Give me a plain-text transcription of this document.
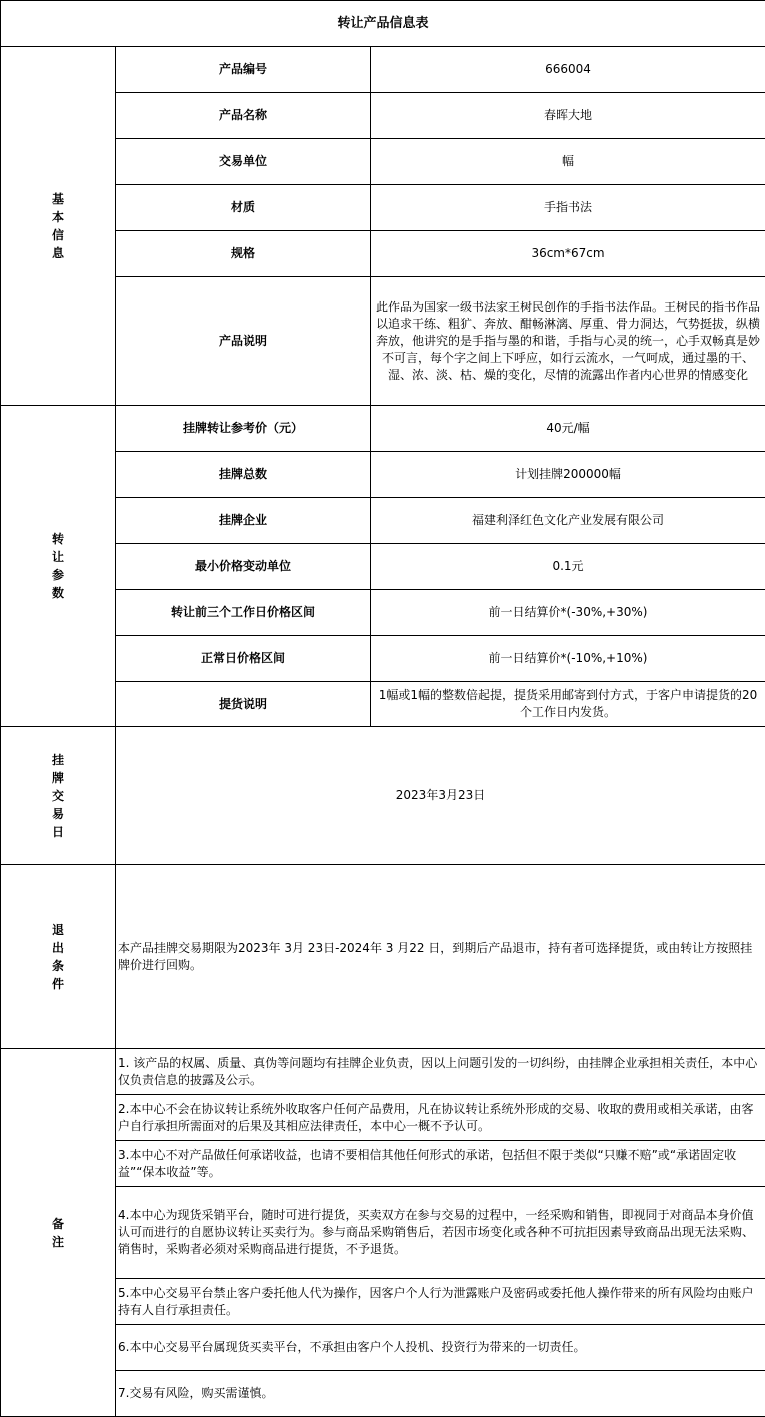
转让产品信息表		
基本信息	产品编号	666004
	产品名称	春晖大地
	交易单位	幅
	材质	手指书法
	规格	36cm*67cm
	产品说明	此作品为国家一级书法家王树民创作的手指书法作品。王树民的指书作品以追求干练、粗犷、奔放、酣畅淋漓、厚重、骨力洞达，气势挺拔，纵横奔放，他讲究的是手指与墨的和谐，手指与心灵的统一，心手双畅真是妙不可言，每个字之间上下呼应，如行云流水，一气呵成，通过墨的干、湿、浓、淡、枯、燥的变化，尽情的流露出作者内心世界的情感变化
转让参数	挂牌转让参考价（元）	40元/幅
	挂牌总数	计划挂牌200000幅
	挂牌企业	福建利泽红色文化产业发展有限公司
	最小价格变动单位	0.1元
	转让前三个工作日价格区间	前一日结算价*(-30%,+30%)
	正常日价格区间	前一日结算价*(-10%,+10%)
	提货说明	1幅或1幅的整数倍起提，提货采用邮寄到付方式，于客户申请提货的20个工作日内发货。
挂牌交易日	2023年3月23日	
退出条件	本产品挂牌交易期限为2023年 3月 23日-2024年 3 月22 日，到期后产品退市，持有者可选择提货，或由转让方按照挂牌价进行回购。	
备注	1. 该产品的权属、质量、真伪等问题均有挂牌企业负责，因以上问题引发的一切纠纷，由挂牌企业承担相关责任，本中心仅负责信息的披露及公示。	
	2.本中心不会在协议转让系统外收取客户任何产品费用，凡在协议转让系统外形成的交易、收取的费用或相关承诺，由客户自行承担所需面对的后果及其相应法律责任，本中心一概不予认可。	
	3.本中心不对产品做任何承诺收益，也请不要相信其他任何形式的承诺，包括但不限于类似“只赚不赔”或“承诺固定收益”“保本收益”等。	
	4.本中心为现货采销平台，随时可进行提货，买卖双方在参与交易的过程中，一经采购和销售，即视同于对商品本身价值认可而进行的自愿协议转让买卖行为。参与商品采购销售后，若因市场变化或各种不可抗拒因素导致商品出现无法采购、销售时，采购者必须对采购商品进行提货，不予退货。	
	5.本中心交易平台禁止客户委托他人代为操作，因客户个人行为泄露账户及密码或委托他人操作带来的所有风险均由账户持有人自行承担责任。	
	6.本中心交易平台属现货买卖平台，不承担由客户个人投机、投资行为带来的一切责任。	
	7.交易有风险，购买需谨慎。	
